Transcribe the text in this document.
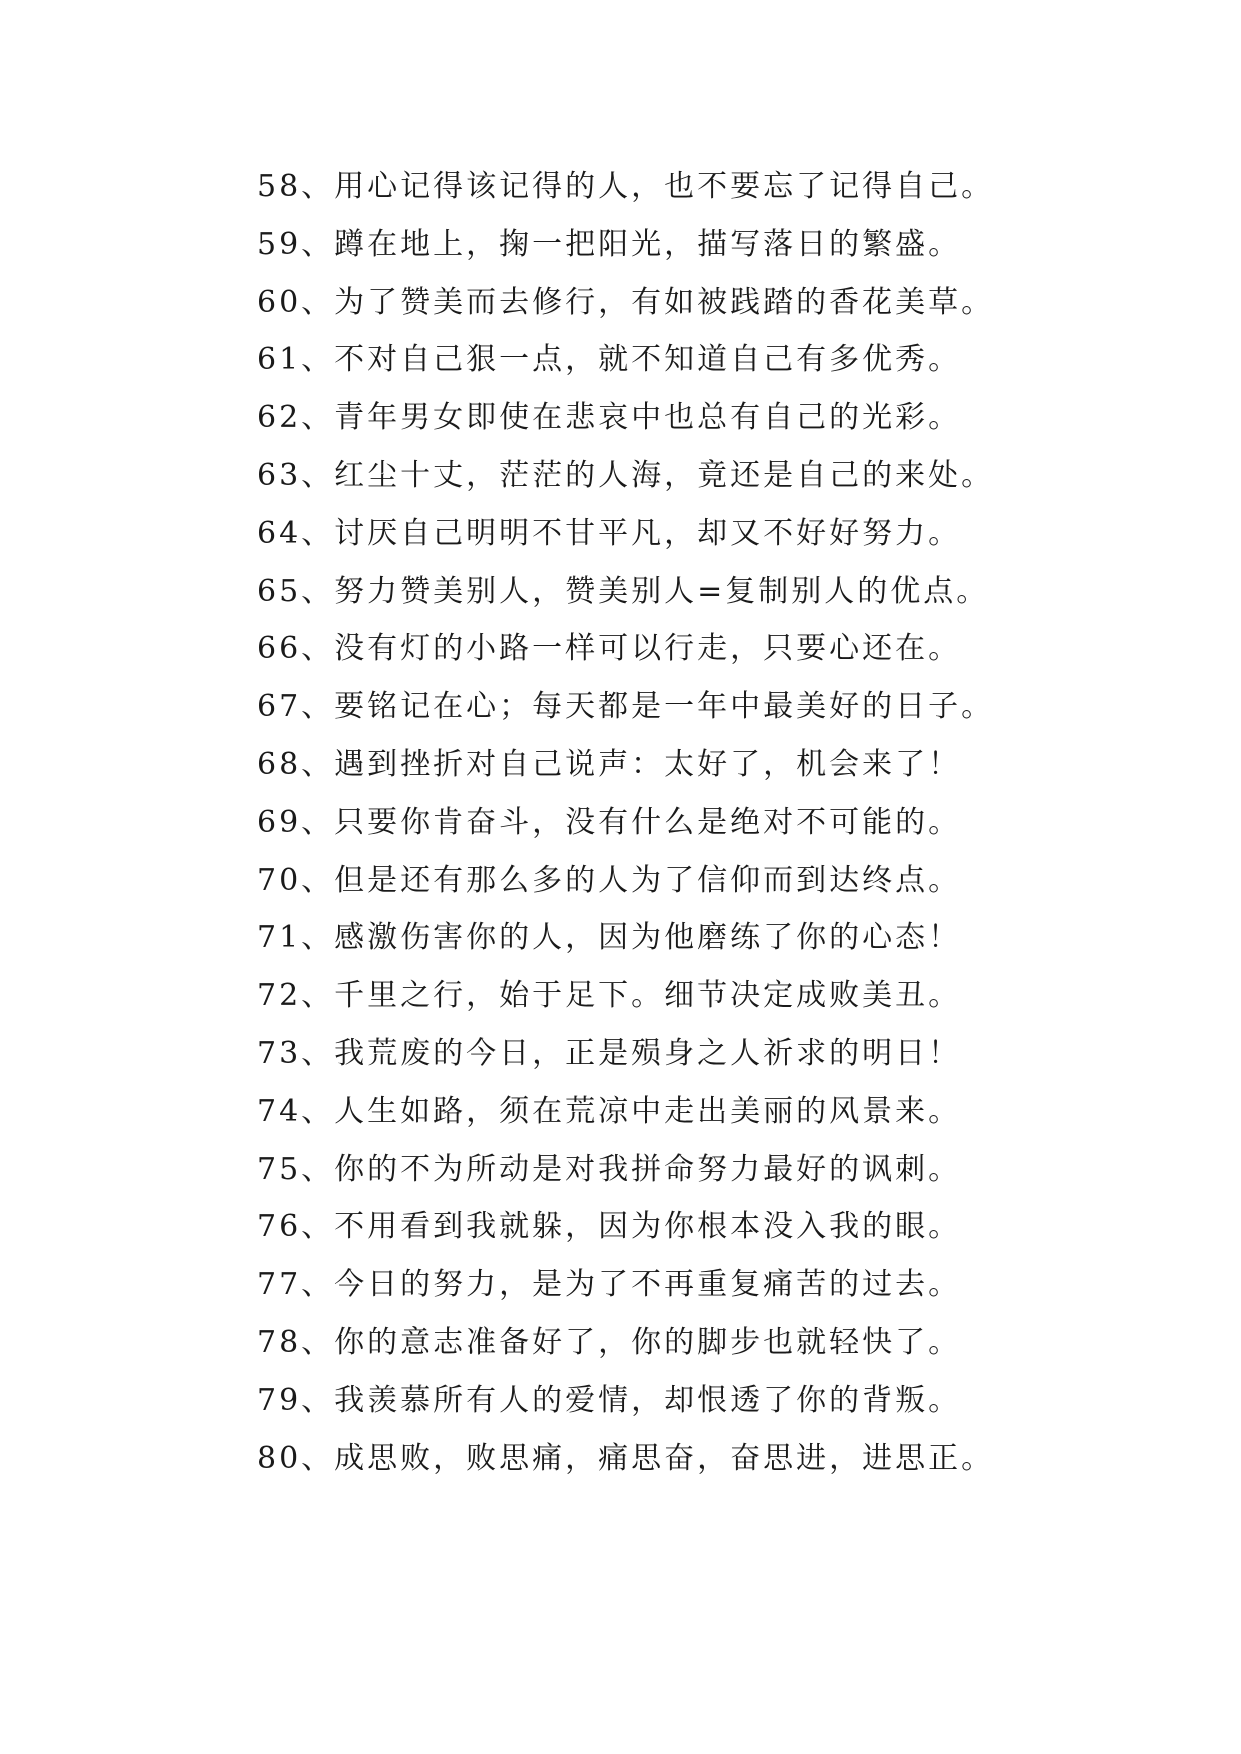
58、用心记得该记得的人，也不要忘了记得自己。
59、蹲在地上，掬一把阳光，描写落日的繁盛。
60、为了赞美而去修行，有如被践踏的香花美草。
61、不对自己狠一点，就不知道自己有多优秀。
62、青年男女即使在悲哀中也总有自己的光彩。
63、红尘十丈，茫茫的人海，竟还是自己的来处。
64、讨厌自己明明不甘平凡，却又不好好努力。
65、努力赞美别人，赞美别人=复制别人的优点。
66、没有灯的小路一样可以行走，只要心还在。
67、要铭记在心；每天都是一年中最美好的日子。
68、遇到挫折对自己说声：太好了，机会来了！
69、只要你肯奋斗，没有什么是绝对不可能的。
70、但是还有那么多的人为了信仰而到达终点。
71、感激伤害你的人，因为他磨练了你的心态！
72、千里之行，始于足下。细节决定成败美丑。
73、我荒废的今日，正是殒身之人祈求的明日！
74、人生如路，须在荒凉中走出美丽的风景来。
75、你的不为所动是对我拼命努力最好的讽刺。
76、不用看到我就躲，因为你根本没入我的眼。
77、今日的努力，是为了不再重复痛苦的过去。
78、你的意志准备好了，你的脚步也就轻快了。
79、我羡慕所有人的爱情，却恨透了你的背叛。
80、成思败，败思痛，痛思奋，奋思进，进思正。
